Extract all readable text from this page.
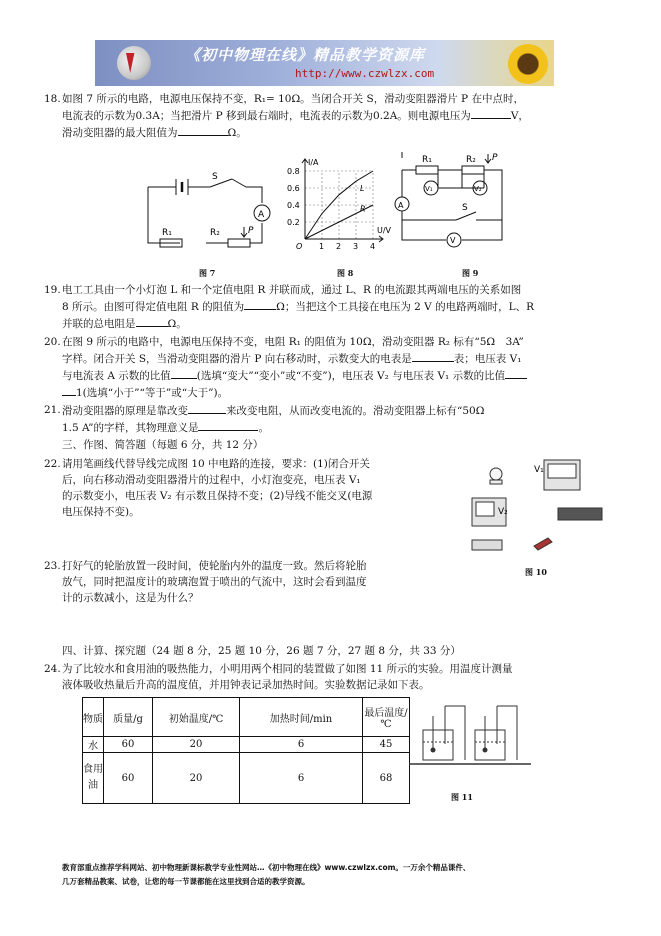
《初中物理在线》精品教学资源库
http://www.czwlzx.com
18. 如图 7 所示的电路，电源电压保持不变，R₁= 10Ω。当闭合开关 S，滑动变阻器滑片 P 在中点时，
电流表的示数为0.3A；当把滑片 P 移到最右端时，电流表的示数为0.2A。则电源电压为	V，
滑动变阻器的最大阻值为	Ω。
S
A
R₁	R₂	P
图 7
L
R
1 2 3 4
0.2
0.4
0.6
0.8
O
I/A
U/V
图 8
R₁	R₂ P
V₁	V₂
A	S
V
图 9
19. 电工工具由一个小灯泡 L 和一个定值电阻 R 并联而成，通过 L、R 的电流跟其两端电压的关系如图
8 所示。由图可得定值电阻 R 的阻值为	Ω；当把这个工具接在电压为 2 V 的电路两端时，L、R
并联的总电阻是	Ω。
20. 在图 9 所示的电路中，电源电压保持不变，电阻 R₁ 的阻值为 10Ω，滑动变阻器 R₂ 标有“5Ω　3A”
字样。闭合开关 S，当滑动变阻器的滑片 P 向右移动时，示数变大的电表是	表；电压表 V₁
与电流表 A 示数的比值 (选填“变大”“变小”或“不变”)，电压表 V₂ 与电压表 V₁ 示数的比值
1(选填“小于”“等于”或“大于”)。
21. 滑动变阻器的原理是靠改变	来改变电阻，从而改变电流的。滑动变阻器上标有“50Ω
1.5 A”的字样，其物理意义是	。
三、作图、简答题（每题 6 分，共 12 分）
22. 请用笔画线代替导线完成图 10 中电路的连接，要求：(1)闭合开关
后，向右移动滑动变阻器滑片的过程中，小灯泡变亮，电压表 V₁
的示数变小，电压表 V₂ 有示数且保持不变；(2)导线不能交叉(电源
电压保持不变)。
V₁
V₂
图 10
23. 打好气的轮胎放置一段时间，使轮胎内外的温度一致。然后将轮胎
放气，同时把温度计的玻璃泡置于喷出的气流中，这时会看到温度
计的示数减小，这是为什么？
四、计算、探究题（24 题 8 分，25 题 10 分，26 题 7 分，27 题 8 分，共 33 分）
24. 为了比较水和食用油的吸热能力，小明用两个相同的装置做了如图 11 所示的实验。用温度计测量
液体吸收热量后升高的温度值，并用钟表记录加热时间。实验数据记录如下表。
物质	质量/g	初始温度/℃	加热时间/min	最后温度/℃
水	60	20	6	45
食用油	60	20	6	68
图 11
教育部重点推荐学科网站、初中物理新课标教学专业性网站…《初中物理在线》www.czwlzx.com。一万余个精品课件、
几万套精品教案、试卷，让您的每一节课都能在这里找到合适的教学资源。
